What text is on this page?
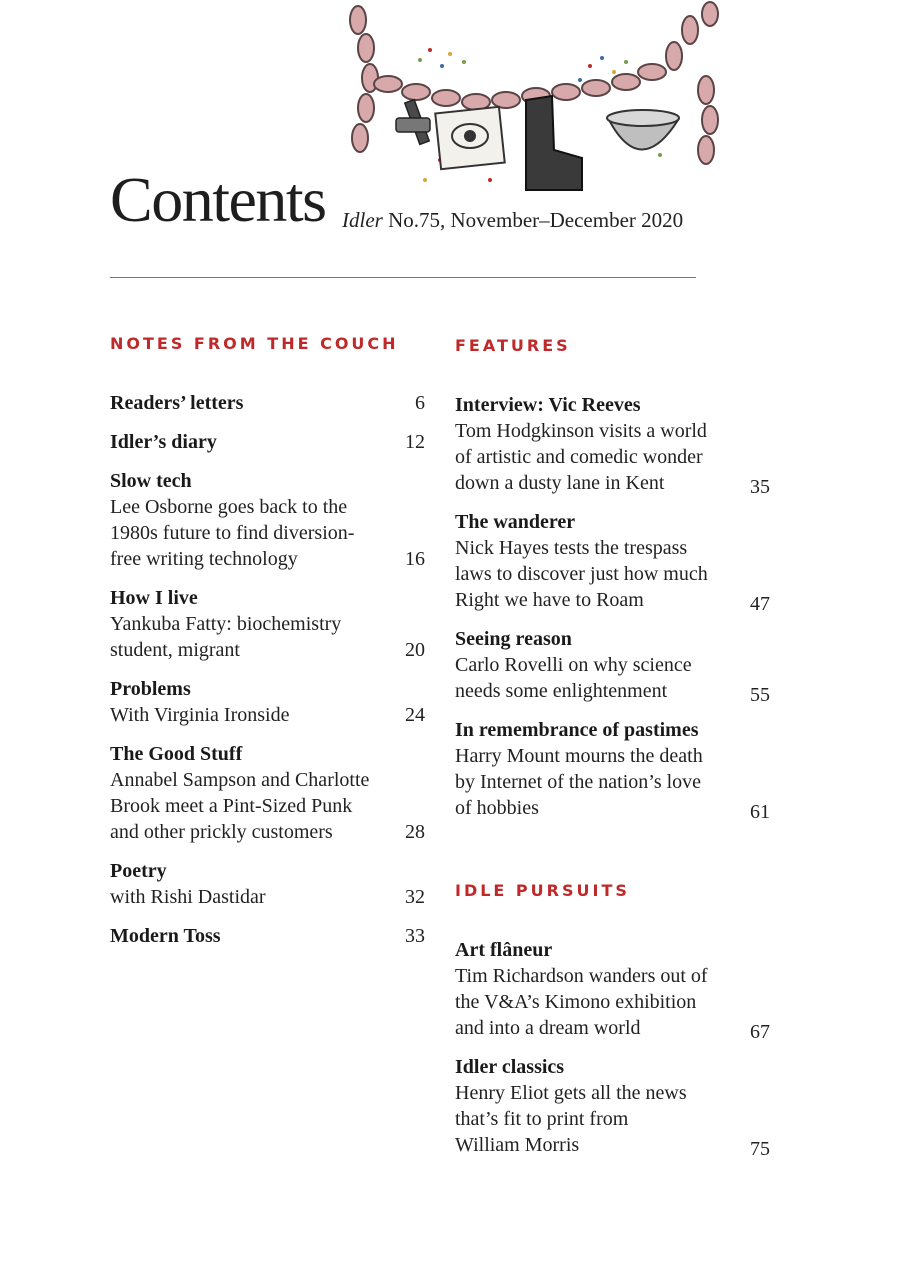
Contents Idler No.75, November–December 2020
NOTES FROM THE COUCH
Readers’ letters	6
Idler’s diary	12
Slow tech
Lee Osborne goes back to the
1980s future to find diversion-
free writing technology	16
How I live
Yankuba Fatty: biochemistry
student, migrant	20
Problems
With Virginia Ironside	24
The Good Stuff
Annabel Sampson and Charlotte
Brook meet a Pint-Sized Punk
and other prickly customers	28
Poetry
with Rishi Dastidar	32
Modern Toss	33
FEATURES
Interview: Vic Reeves
Tom Hodgkinson visits a world
of artistic and comedic wonder
down a dusty lane in Kent	35
The wanderer
Nick Hayes tests the trespass
laws to discover just how much
Right we have to Roam	47
Seeing reason
Carlo Rovelli on why science
needs some enlightenment	55
In remembrance of pastimes
Harry Mount mourns the death
by Internet of the nation’s love
of hobbies	61
IDLE PURSUITS
Art flâneur
Tim Richardson wanders out of
the V&A’s Kimono exhibition
and into a dream world	67
Idler classics
Henry Eliot gets all the news
that’s fit to print from
William Morris	75
